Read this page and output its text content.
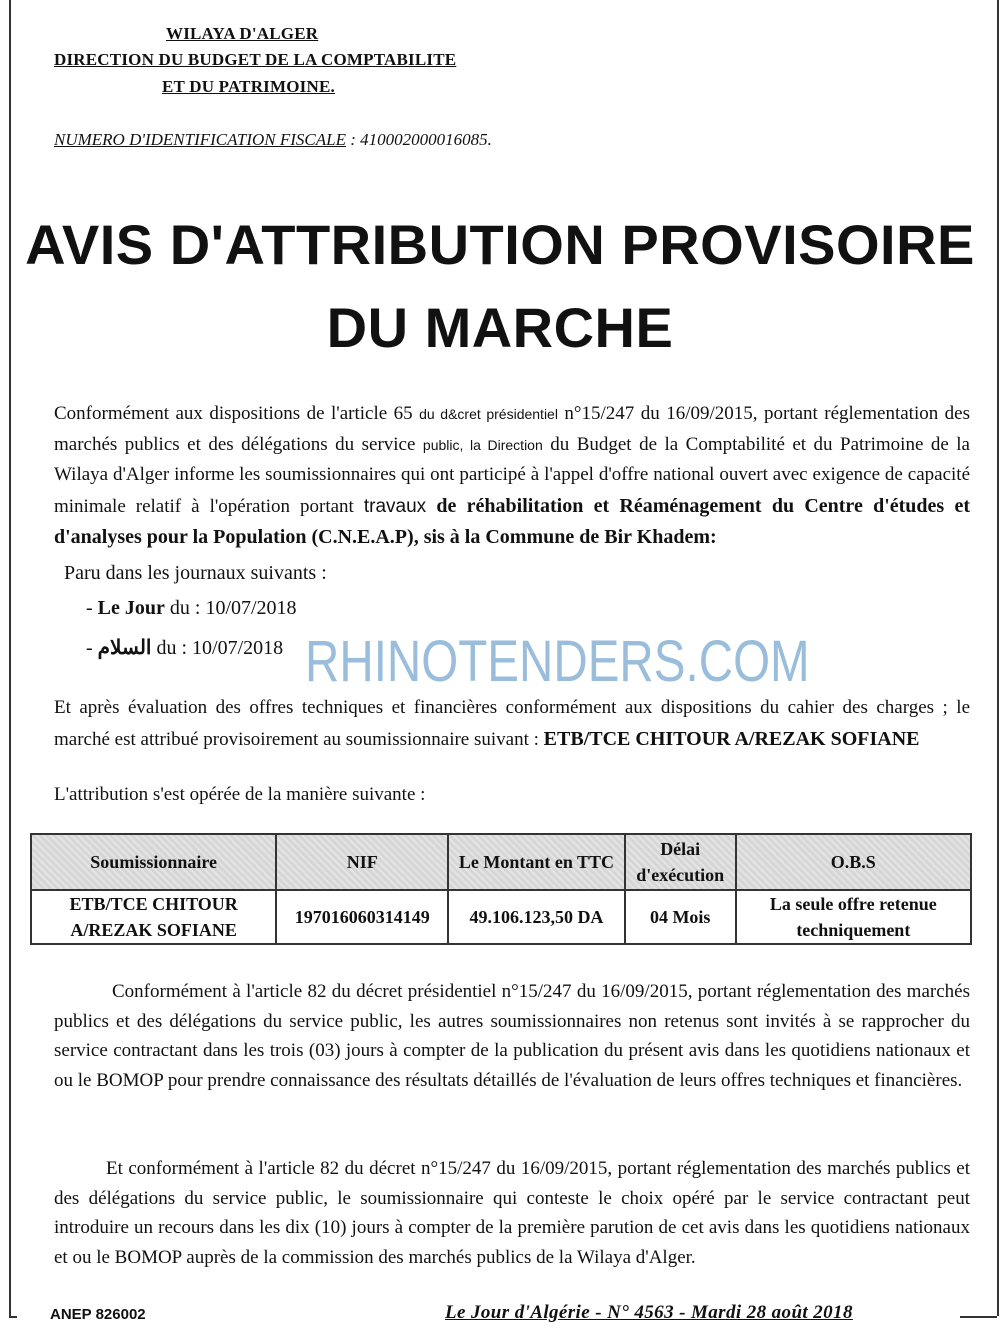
WILAYA D'ALGER
DIRECTION DU BUDGET DE LA COMPTABILITE
ET DU PATRIMOINE.
NUMERO D'IDENTIFICATION FISCALE : 410002000016085.
AVIS D'ATTRIBUTION PROVISOIRE
DU MARCHE
Conformément aux dispositions de l'article 65 du d&cret présidentiel n°15/247 du 16/09/2015, portant réglementation des marchés publics et des délégations du service public, la Direction du Budget de la Comptabilité et du Patrimoine de la Wilaya d'Alger informe les soumissionnaires qui ont participé à l'appel d'offre national ouvert avec exigence de capacité minimale relatif à l'opération portant travaux de réhabilitation et Réaménagement du Centre d'études et d'analyses pour la Population (C.N.E.A.P), sis à la Commune de Bir Khadem:
Paru dans les journaux suivants :
- Le Jour du : 10/07/2018
- السلام du : 10/07/2018 RHINOTENDERS.COM
Et après évaluation des offres techniques et financières conformément aux dispositions du cahier des charges ; le marché est attribué provisoirement au soumissionnaire suivant : ETB/TCE CHITOUR A/REZAK SOFIANE
L'attribution s'est opérée de la manière suivante :
Soumissionnaire	NIF	Le Montant en TTC	Délai d'exécution	O.B.S
ETB/TCE CHITOUR A/REZAK SOFIANE	197016060314149	49.106.123,50 DA	04 Mois	La seule offre retenue techniquement
Conformément à l'article 82 du décret présidentiel n°15/247 du 16/09/2015, portant réglementation des marchés publics et des délégations du service public, les autres soumissionnaires non retenus sont invités à se rapprocher du service contractant dans les trois (03) jours à compter de la publication du présent avis dans les quotidiens nationaux et ou le BOMOP pour prendre connaissance des résultats détaillés de l'évaluation de leurs offres techniques et financières.
Et conformément à l'article 82 du décret n°15/247 du 16/09/2015, portant réglementation des marchés publics et des délégations du service public, le soumissionnaire qui conteste le choix opéré par le service contractant peut introduire un recours dans les dix (10) jours à compter de la première parution de cet avis dans les quotidiens nationaux et ou le BOMOP auprès de la commission des marchés publics de la Wilaya d'Alger.
ANEP 826002	Le Jour d'Algérie - N° 4563 - Mardi 28 août 2018
